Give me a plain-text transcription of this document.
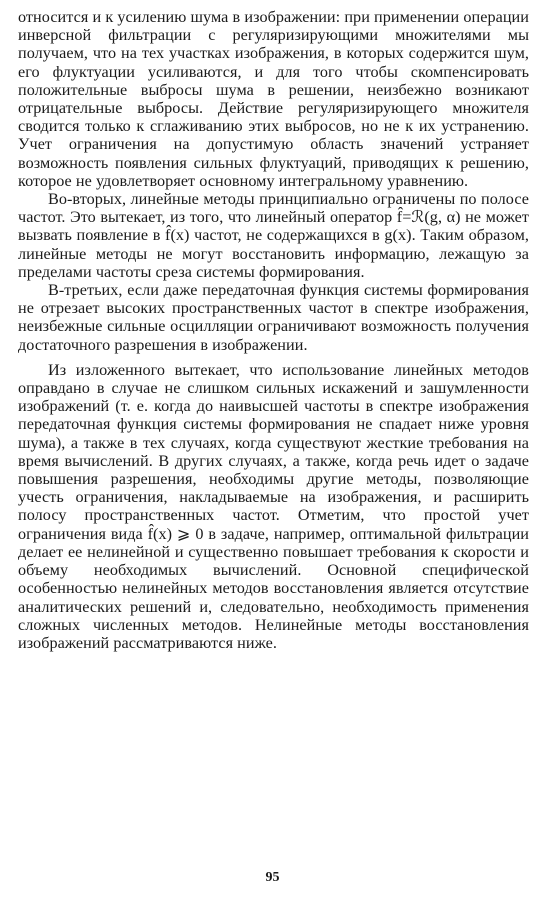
относится и к усилению шума в изображении: при применении операции инверсной фильтрации с регуляризирующими множителями мы получаем, что на тех участках изображения, в которых содержится шум, его флуктуации усиливаются, и для того чтобы скомпенсировать положительные выбросы шума в решении, неизбежно возникают отрицательные выбросы. Действие регуляризирующего множителя сводится только к сглаживанию этих выбросов, но не к их устранению. Учет ограничения на допустимую область значений устраняет возможность появления сильных флуктуаций, приводящих к решению, которое не удовлетворяет основному интегральному уравнению.

Во-вторых, линейные методы принципиально ограничены по полосе частот. Это вытекает, из того, что линейный оператор f̂=ℛ(g, α) не может вызвать появление в f̂(x) частот, не содержащихся в g(x). Таким образом, линейные методы не могут восстановить информацию, лежащую за пределами частоты среза системы формирования.

В-третьих, если даже передаточная функция системы формирования не отрезает высоких пространственных частот в спектре изображения, неизбежные сильные осцилляции ограничивают возможность получения достаточного разрешения в изображении.

Из изложенного вытекает, что использование линейных методов оправдано в случае не слишком сильных искажений и зашумленности изображений (т. е. когда до наивысшей частоты в спектре изображения передаточная функция системы формирования не спадает ниже уровня шума), а также в тех случаях, когда существуют жесткие требования на время вычислений. В других случаях, а также, когда речь идет о задаче повышения разрешения, необходимы другие методы, позволяющие учесть ограничения, накладываемые на изображения, и расширить полосу пространственных частот. Отметим, что простой учет ограничения вида f̂(x) ⩾ 0 в задаче, например, оптимальной фильтрации делает ее нелинейной и существенно повышает требования к скорости и объему необходимых вычислений. Основной специфической особенностью нелинейных методов восстановления является отсутствие аналитических решений и, следовательно, необходимость применения сложных численных методов. Нелинейные методы восстановления изображений рассматриваются ниже.

95
